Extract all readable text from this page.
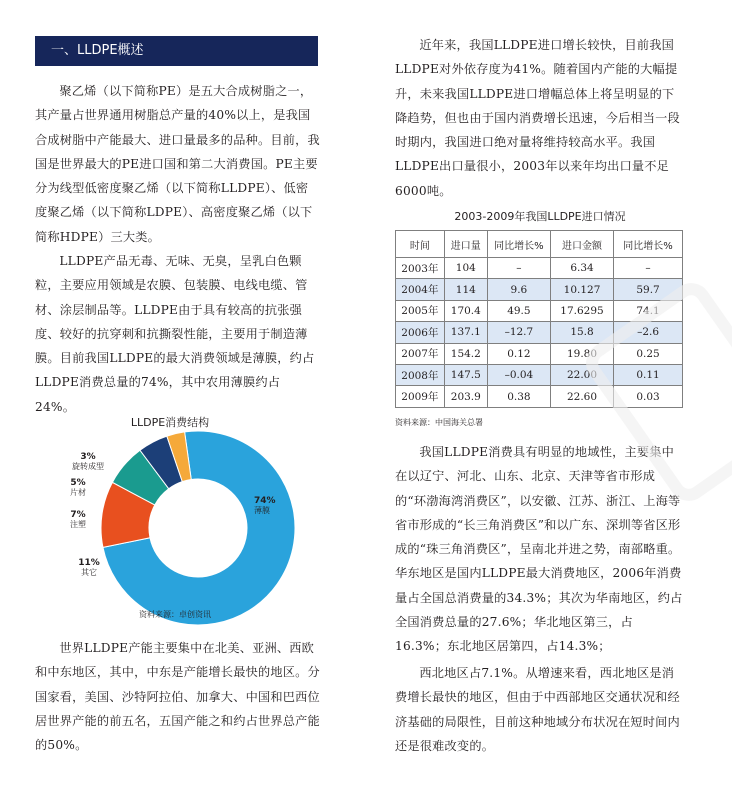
一、LLDPE概述

聚乙烯（以下简称PE）是五大合成树脂之一，其产量占世界通用树脂总产量的40%以上，是我国合成树脂中产能最大、进口量最多的品种。目前，我国是世界最大的PE进口国和第二大消费国。PE主要分为线型低密度聚乙烯（以下简称LLDPE）、低密度聚乙烯（以下简称LDPE）、高密度聚乙烯（以下简称HDPE）三大类。

LLDPE产品无毒、无味、无臭，呈乳白色颗粒，主要应用领域是农膜、包装膜、电线电缆、管材、涂层制品等。LLDPE由于具有较高的抗张强度、较好的抗穿刺和抗撕裂性能，主要用于制造薄膜。目前我国LLDPE的最大消费领域是薄膜，约占LLDPE消费总量的74%，其中农用薄膜约占24%。

LLDPE消费结构
74%
薄膜
11%
其它
7%
注塑
5%
片材
3%
旋转成型
资料来源：卓创资讯

世界LLDPE产能主要集中在北美、亚洲、西欧和中东地区，其中，中东是产能增长最快的地区。分国家看，美国、沙特阿拉伯、加拿大、中国和巴西位居世界产能的前五名，五国产能之和约占世界总产能的50%。

近年来，我国LLDPE进口增长较快，目前我国LLDPE对外依存度为41%。随着国内产能的大幅提升，未来我国LLDPE进口增幅总体上将呈明显的下降趋势，但也由于国内消费增长迅速，今后相当一段时期内，我国进口绝对量将维持较高水平。我国LLDPE出口量很小，2003年以来年均出口量不足6000吨。

2003-2009年我国LLDPE进口情况
时间	进口量	同比增长%	进口金额	同比增长%
2003年	104	–	6.34	–
2004年	114	9.6	10.127	59.7
2005年	170.4	49.5	17.6295	74.1
2006年	137.1	–12.7	15.8	–2.6
2007年	154.2	0.12	19.80	0.25
2008年	147.5	–0.04	22.00	0.11
2009年	203.9	0.38	22.60	0.03
资料来源：中国海关总署

我国LLDPE消费具有明显的地域性，主要集中在以辽宁、河北、山东、北京、天津等省市形成的“环渤海湾消费区”，以安徽、江苏、浙江、上海等省市形成的“长三角消费区”和以广东、深圳等省区形成的“珠三角消费区”，呈南北并进之势，南部略重。华东地区是国内LLDPE最大消费地区，2006年消费量占全国总消费量的34.3%；其次为华南地区，约占全国消费总量的27.6%；华北地区第三，占16.3%；东北地区居第四，占14.3%；

西北地区占7.1%。从增速来看，西北地区是消费增长最快的地区，但由于中西部地区交通状况和经济基础的局限性，目前这种地域分布状况在短时间内还是很难改变的。
